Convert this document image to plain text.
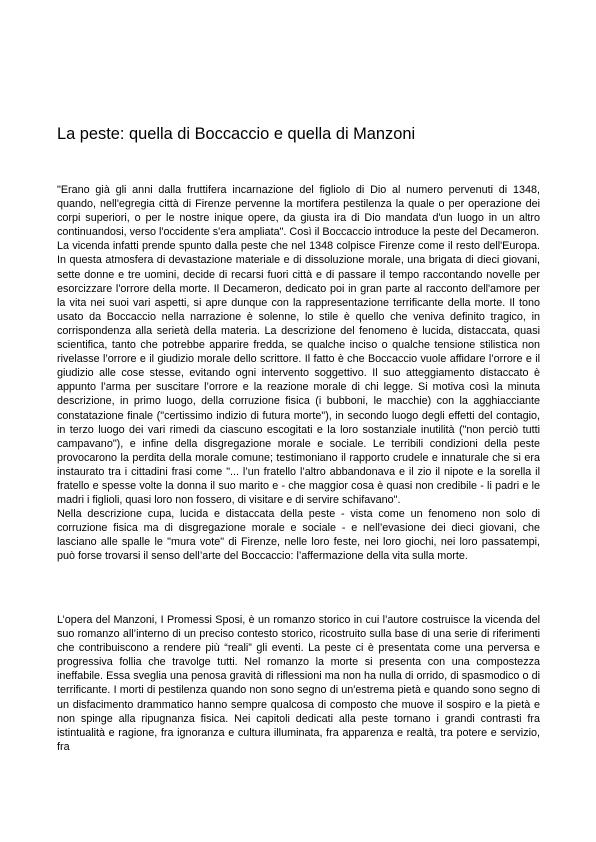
La peste: quella di Boccaccio e quella di Manzoni

"Erano già gli anni dalla fruttifera incarnazione del figliolo di Dio al numero pervenuti di 1348, quando, nell'egregia città di Firenze pervenne la mortifera pestilenza la quale o per operazione dei corpi superiori, o per le nostre inique opere, da giusta ira di Dio mandata d'un luogo in un altro continuandosi, verso l'occidente s'era ampliata". Così il Boccaccio introduce la peste del Decameron.

La vicenda infatti prende spunto dalla peste che nel 1348 colpisce Firenze come il resto dell'Europa. In questa atmosfera di devastazione materiale e di dissoluzione morale, una brigata di dieci giovani, sette donne e tre uomini, decide di recarsi fuori città e di passare il tempo raccontando novelle per esorcizzare l'orrore della morte. Il Decameron, dedicato poi in gran parte al racconto dell'amore per la vita nei suoi vari aspetti, si apre dunque con la rappresentazione terrificante della morte. Il tono usato da Boccaccio nella narrazione è solenne, lo stile è quello che veniva definito tragico, in corrispondenza alla serietà della materia. La descrizione del fenomeno è lucida, distaccata, quasi scientifica, tanto che potrebbe apparire fredda, se qualche inciso o qualche tensione stilistica non rivelasse l’orrore e il giudizio morale dello scrittore. Il fatto è che Boccaccio vuole affidare l’orrore e il giudizio alle cose stesse, evitando ogni intervento soggettivo. Il suo atteggiamento distaccato è appunto l’arma per suscitare l’orrore e la reazione morale di chi legge. Si motiva così la minuta descrizione, in primo luogo, della corruzione fisica (i bubboni, le macchie) con la agghiacciante constatazione finale ("certissimo indizio di futura morte"), in secondo luogo degli effetti del contagio, in terzo luogo dei vari rimedi da ciascuno escogitati e la loro sostanziale inutilità ("non perciò tutti campavano"), e infine della disgregazione morale e sociale. Le terribili condizioni della peste provocarono la perdita della morale comune; testimoniano il rapporto crudele e innaturale che si era instaurato tra i cittadini frasi come "... l’un fratello l’altro abbandonava e il zio il nipote e la sorella il fratello e spesse volte la donna il suo marito e - che maggior cosa è quasi non credibile - li padri e le madri i figlioli, quasi loro non fossero, di visitare e di servire schifavano".

Nella descrizione cupa, lucida e distaccata della peste - vista come un fenomeno non solo di corruzione fisica ma di disgregazione morale e sociale - e nell’evasione dei dieci giovani, che lasciano alle spalle le "mura vote" di Firenze, nelle loro feste, nei loro giochi, nei loro passatempi, può forse trovarsi il senso dell’arte del Boccaccio: l’affermazione della vita sulla morte.

L’opera del Manzoni, I Promessi Sposi, è un romanzo storico in cui l’autore costruisce la vicenda del suo romanzo all’interno di un preciso contesto storico, ricostruito sulla base di una serie di riferimenti che contribuiscono a rendere più “reali” gli eventi. La peste ci è presentata come una perversa e progressiva follia che travolge tutti. Nel romanzo la morte si presenta con una compostezza ineffabile. Essa sveglia una penosa gravità di riflessioni ma non ha nulla di orrido, di spasmodico o di terrificante. I morti di pestilenza quando non sono segno di un'estrema pietà e quando sono segno di un disfacimento drammatico hanno sempre qualcosa di composto che muove il sospiro e la pietà e non spinge alla ripugnanza fisica. Nei capitoli dedicati alla peste tornano i grandi contrasti fra istintualità e ragione, fra ignoranza e cultura illuminata, fra apparenza e realtà, tra potere e servizio, fra
